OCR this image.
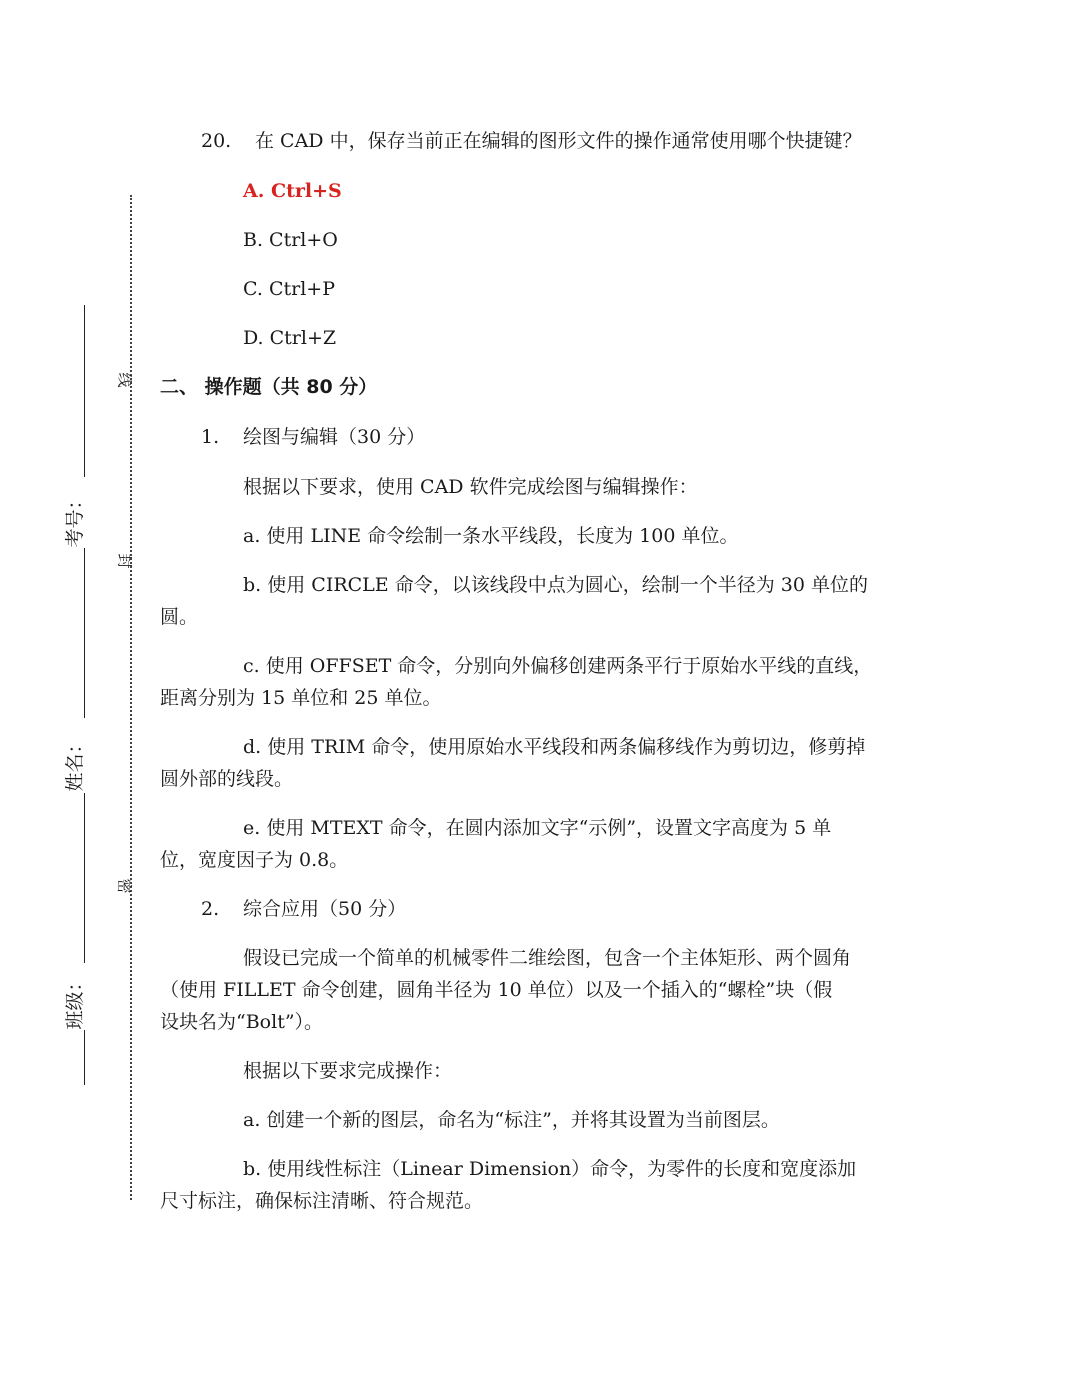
线
封
密
考号：
姓名：
班级：
20. 在 CAD 中，保存当前正在编辑的图形文件的操作通常使用哪个快捷键？
A. Ctrl+S
B. Ctrl+O
C. Ctrl+P
D. Ctrl+Z
二、 操作题（共 80 分）
1. 绘图与编辑（30 分）
根据以下要求，使用 CAD 软件完成绘图与编辑操作：
a. 使用 LINE 命令绘制一条水平线段，长度为 100 单位。
b. 使用 CIRCLE 命令，以该线段中点为圆心，绘制一个半径为 30 单位的
圆。
c. 使用 OFFSET 命令，分别向外偏移创建两条平行于原始水平线的直线，
距离分别为 15 单位和 25 单位。
d. 使用 TRIM 命令，使用原始水平线段和两条偏移线作为剪切边，修剪掉
圆外部的线段。
e. 使用 MTEXT 命令，在圆内添加文字“示例”，设置文字高度为 5 单
位，宽度因子为 0.8。
2. 综合应用（50 分）
假设已完成一个简单的机械零件二维绘图，包含一个主体矩形、两个圆角
（使用 FILLET 命令创建，圆角半径为 10 单位）以及一个插入的“螺栓”块（假
设块名为“Bolt”）。
根据以下要求完成操作：
a. 创建一个新的图层，命名为“标注”，并将其设置为当前图层。
b. 使用线性标注（Linear Dimension）命令，为零件的长度和宽度添加
尺寸标注，确保标注清晰、符合规范。
